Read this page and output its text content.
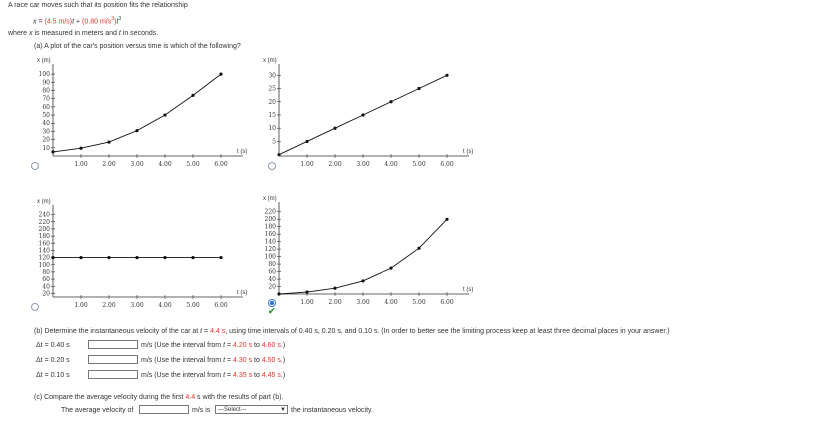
A race car moves such that its position fits the relationship
x = (4.5 m/s)t + (0.80 $m/s^3)t^3$
where x is measured in meters and t in seconds.
(a) A plot of the car's position versus time is which of the following?
x (m)
t (s)
1.00 2.00 3.00 4.00 5.00 6.00
100
90
80
70
60
50
40
30
20
10
x (m)
t (s)
1.00 2.00 3.00 4.00 5.00 6.00
30
25
20
15
10
5
x (m)
t (s)
1.00 2.00 3.00 4.00 5.00 6.00
240
220
200
180
160
140
120
100
80
60
40
20
x (m)
t (s)
1.00 2.00 3.00 4.00 5.00 6.00
220
200
180
160
140
120
100
80
60
40
20
✔
(b) Determine the instantaneous velocity of the car at t = 4.4 s, using time intervals of 0.40 s, 0.20 s, and 0.10 s. (In order to better see the limiting process keep at least three decimal places in your answer.)
Δt = 0.40 s	m/s (Use the interval from t = 4.20 s to 4.60 s.)
Δt = 0.20 s	m/s (Use the interval from t = 4.30 s to 4.50 s.)
Δt = 0.10 s	m/s (Use the interval from t = 4.35 s to 4.45 s.)
(c) Compare the average velocity during the first 4.4 s with the results of part (b).
The average velocity of	m/s is	---Select---	▼ the instantaneous velocity.
